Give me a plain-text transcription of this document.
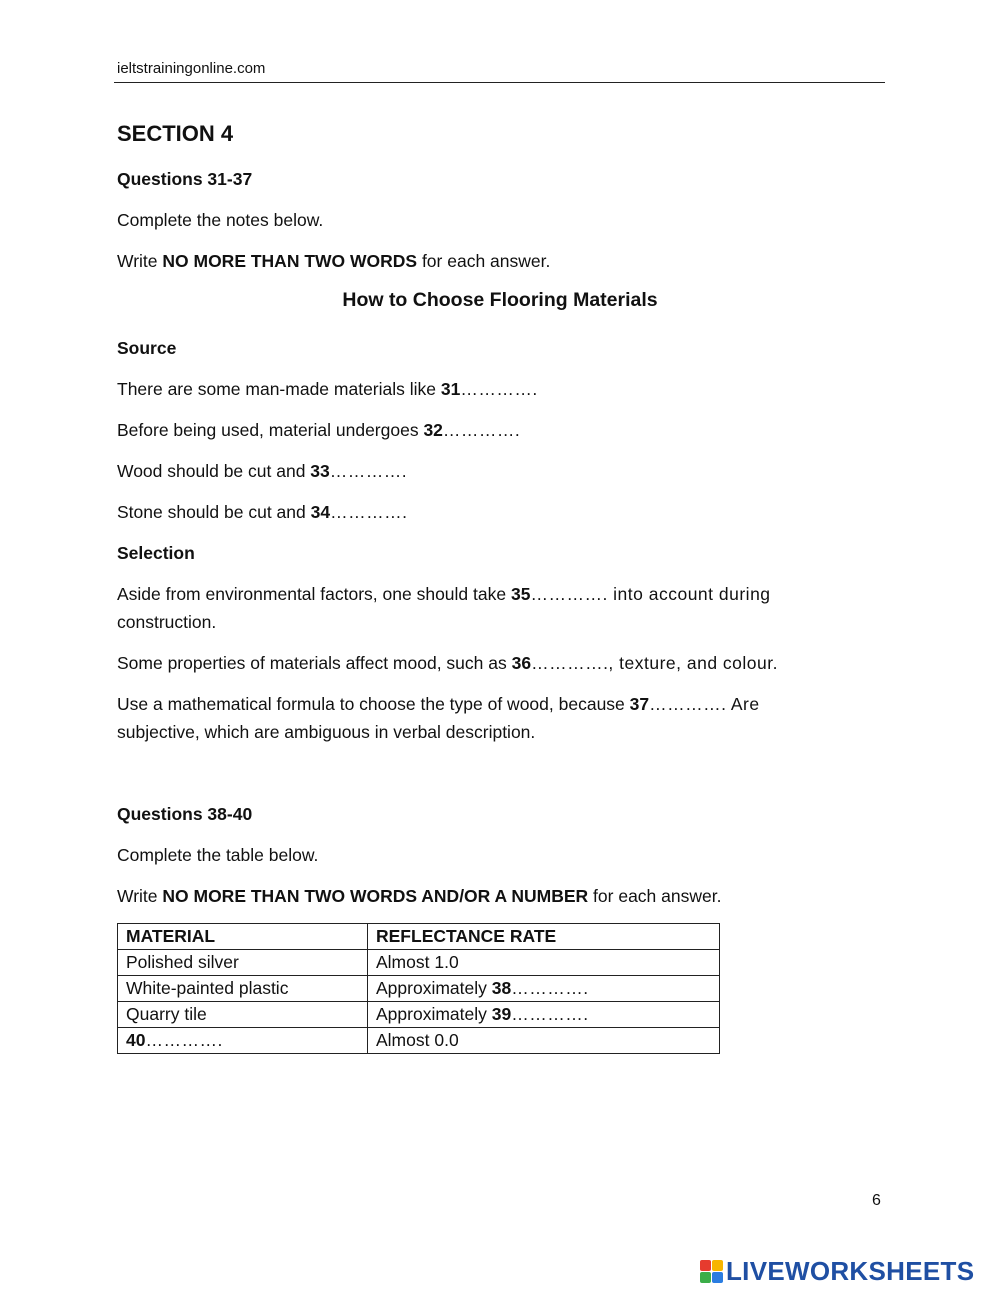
ieltstrainingonline.com
SECTION 4
Questions 31-37
Complete the notes below.
Write NO MORE THAN TWO WORDS for each answer.
How to Choose Flooring Materials
Source
There are some man-made materials like 31………….
Before being used, material undergoes 32………….
Wood should be cut and 33………….
Stone should be cut and 34………….
Selection
Aside from environmental factors, one should take 35…………. into account during
construction.
Some properties of materials affect mood, such as 36…………., texture, and colour.
Use a mathematical formula to choose the type of wood, because 37…………. Are
subjective, which are ambiguous in verbal description.
Questions 38-40
Complete the table below.
Write NO MORE THAN TWO WORDS AND/OR A NUMBER for each answer.
MATERIAL	REFLECTANCE RATE
Polished silver	Almost 1.0
White-painted plastic	Approximately 38………….
Quarry tile	Approximately 39………….
40………….	Almost 0.0
6
LIVEWORKSHEETS
